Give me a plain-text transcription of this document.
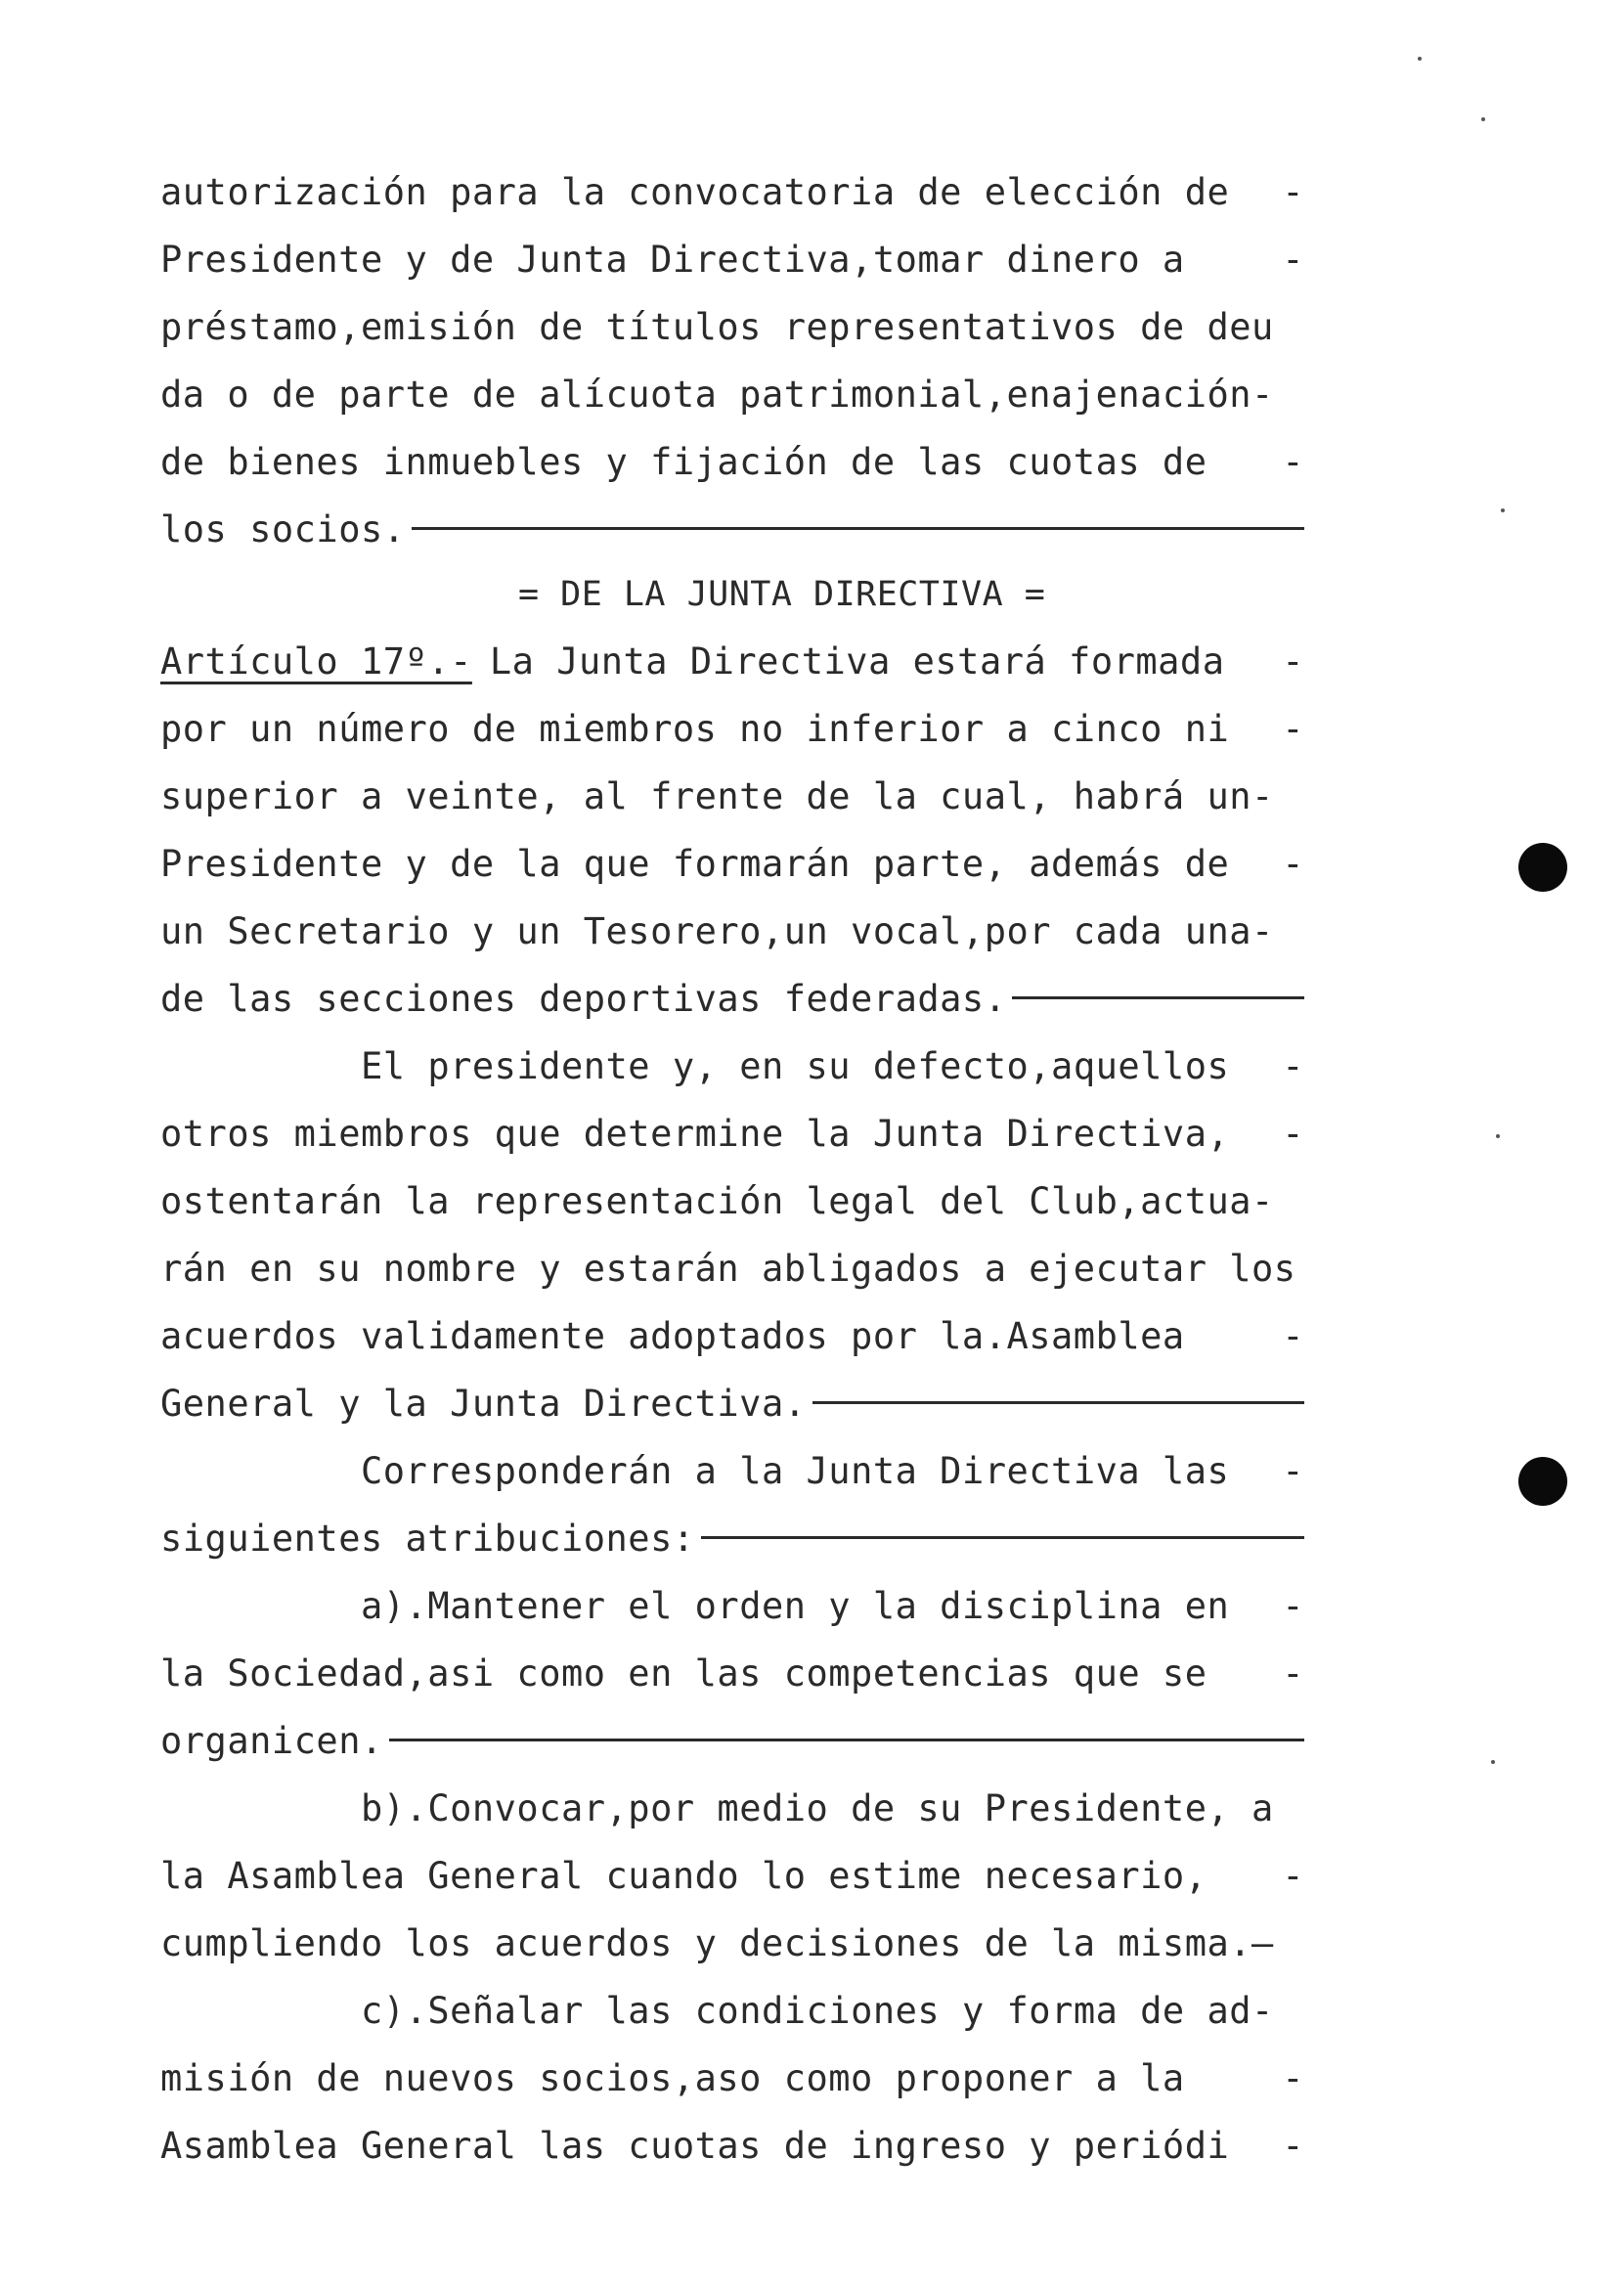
autorización para la convocatoria de elección de -
Presidente y de Junta Directiva,tomar dinero a	-
préstamo,emisión de títulos representativos de deu
da o de parte de alícuota patrimonial,enajenación-
de bienes inmuebles y fijación de las cuotas de -
los socios.
= DE LA JUNTA DIRECTIVA =
Artículo 17º.- La Junta Directiva estará formada -
por un número de miembros no inferior a cinco ni -
superior a veinte, al frente de la cual, habrá un-
Presidente y de la que formarán parte, además de -
un Secretario y un Tesorero,un vocal,por cada una-
de las secciones deportivas federadas.
El presidente y, en su defecto,aquellos -
otros miembros que determine la Junta Directiva, -
ostentarán la representación legal del Club,actua-
rán en su nombre y estarán abligados a ejecutar los
acuerdos validamente adoptados por la.Asamblea	-
General y la Junta Directiva.
Corresponderán a la Junta Directiva las -
siguientes atribuciones:
a).Mantener el orden y la disciplina en -
la Sociedad,asi como en las competencias que se -
organicen.
b).Convocar,por medio de su Presidente, a
la Asamblea General cuando lo estime necesario, -
cumpliendo los acuerdos y decisiones de la misma.—
c).Señalar las condiciones y forma de ad-
misión de nuevos socios,aso como proponer a la	-
Asamblea General las cuotas de ingreso y periódi -
